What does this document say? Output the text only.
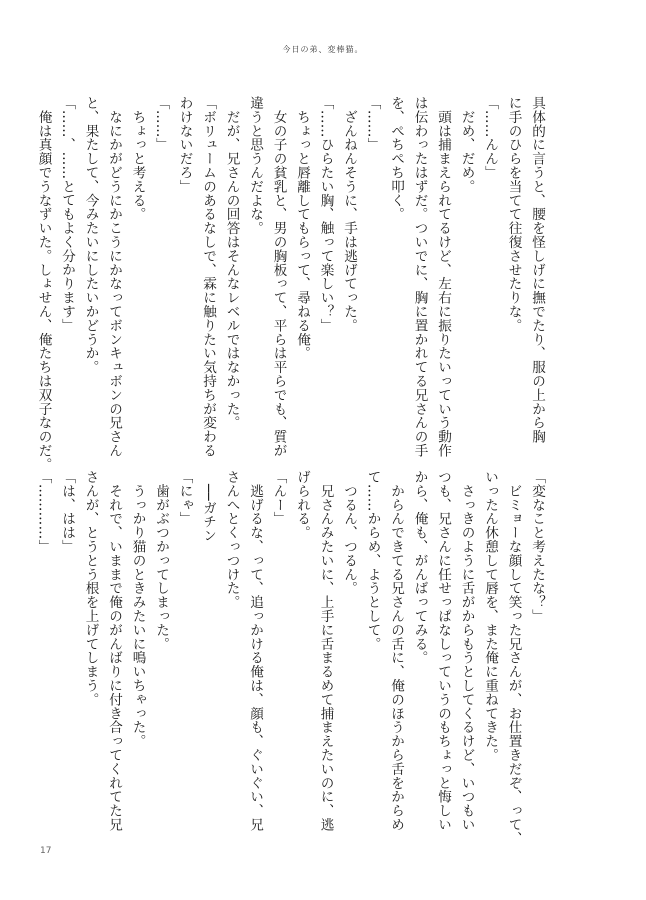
今日の弟、変棒猫。
具体的に言うと、腰を怪しげに撫でたり、服の上から胸
に手のひらを当てて往復させたりな。
「……んん」
　だめ、だめ。
　頭は捕まえられてるけど、左右に振りたいっていう動作
は伝わったはずだ。ついでに、胸に置かれてる兄さんの手
を、ぺちぺち叩く。
「……」
　ざんねんそうに、手は逃げてった。
「……ひらたい胸、触って楽しい？」
　ちょっと唇離してもらって、尋ねる俺。
　女の子の貧乳と、男の胸板って、平らは平らでも、質が
違うと思うんだよな。
　だが、兄さんの回答はそんなレベルではなかった。
「ボリュームのあるなしで、霖に触りたい気持ちが変わる
わけないだろ」
「……」
　ちょっと考える。
　なにかがどうにかこうにかなってボンキュボンの兄さん
と、果たして、今みたいにしたいかどうか。
「……、……とてもよく分かります」
　俺は真顔でうなずいた。しょせん、俺たちは双子なのだ。
「変なこと考えたな？」
　ビミョーな顔して笑った兄さんが、お仕置きだぞ、って、
いったん休憩して唇を、また俺に重ねてきた。
　さっきのように舌がからもうとしてくるけど、いつもい
つも、兄さんに任せっぱなしっていうのもちょっと悔しい
から、俺も、がんばってみる。
　からんできてる兄さんの舌に、俺のほうから舌をからめ
て……からめ、ようとして。
　つるん、つるん。
　兄さんみたいに、上手に舌まるめて捕まえたいのに、逃
げられる。
「んー」
　逃げるな、って、追っかける俺は、顔も、ぐいぐい、兄
さんへとくっつけた。
　──ガチン
「にゃ」
　歯がぶつかってしまった。
　うっかり猫のときみたいに鳴いちゃった。
　それで、いままで俺のがんばりに付き合ってくれてた兄
さんが、とうとう根を上げてしまう。
「は、はは」
「…………」
17
